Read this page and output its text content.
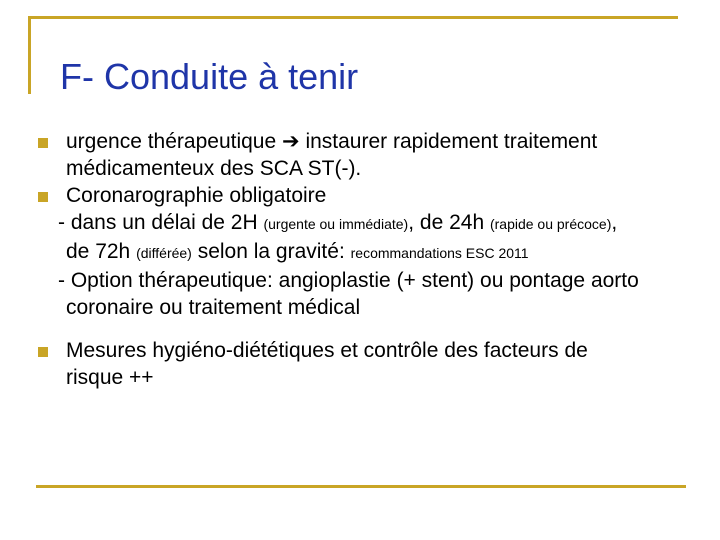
F- Conduite à tenir
urgence thérapeutique ➔ instaurer rapidement traitement
médicamenteux des SCA ST(-).
Coronarographie obligatoire
- dans un délai de 2H (urgente ou immédiate), de 24h (rapide ou précoce),
de 72h (différée) selon la gravité: recommandations ESC 2011
- Option thérapeutique: angioplastie (+ stent) ou pontage aorto
coronaire ou traitement médical
Mesures hygiéno-diététiques et contrôle des facteurs de
risque ++
